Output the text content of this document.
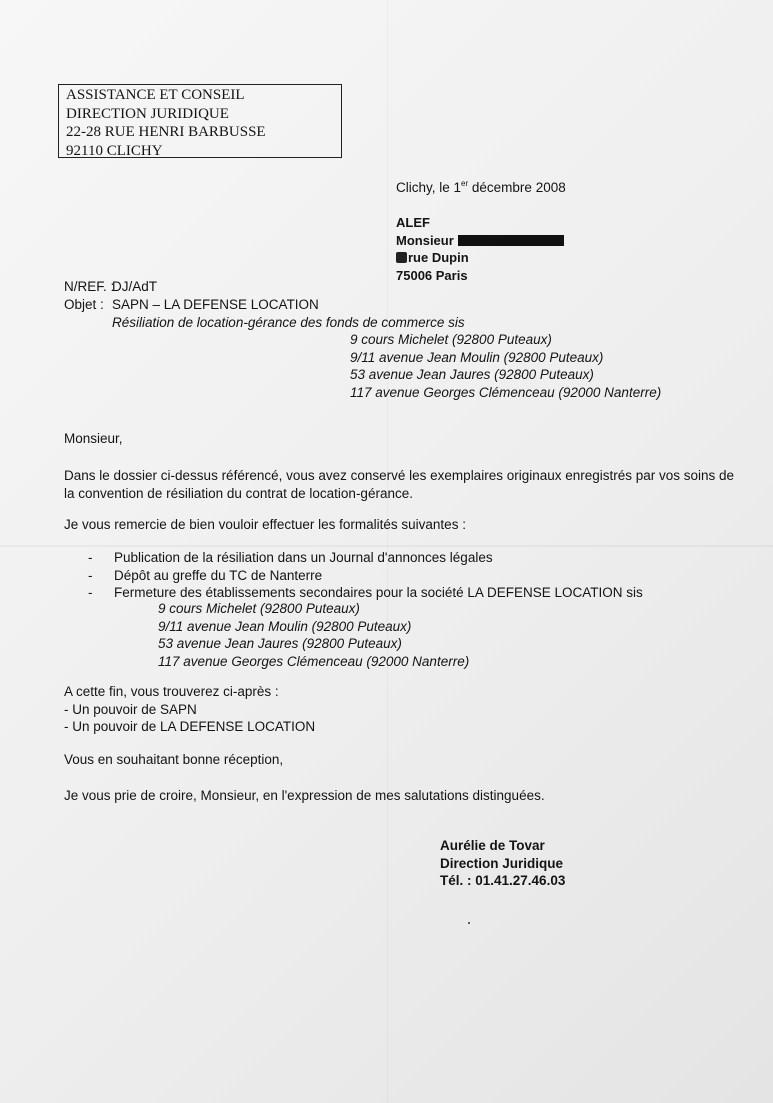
ASSISTANCE ET CONSEIL
DIRECTION JURIDIQUE
22-28 RUE HENRI BARBUSSE
92110 CLICHY
Clichy, le 1er décembre 2008
ALEF
Monsieur
rue Dupin
75006 Paris
N/REF. :DJ/AdT
Objet : SAPN – LA DEFENSE LOCATION
Résiliation de location-gérance des fonds de commerce sis
9 cours Michelet (92800 Puteaux)
9/11 avenue Jean Moulin (92800 Puteaux)
53 avenue Jean Jaures (92800 Puteaux)
117 avenue Georges Clémenceau (92000 Nanterre)
Monsieur,
Dans le dossier ci-dessus référencé, vous avez conservé les exemplaires originaux enregistrés par vos soins de
la convention de résiliation du contrat de location-gérance.
Je vous remercie de bien vouloir effectuer les formalités suivantes :
- Publication de la résiliation dans un Journal d'annonces légales
- Dépôt au greffe du TC de Nanterre
- Fermeture des établissements secondaires pour la société LA DEFENSE LOCATION sis
9 cours Michelet (92800 Puteaux)
9/11 avenue Jean Moulin (92800 Puteaux)
53 avenue Jean Jaures (92800 Puteaux)
117 avenue Georges Clémenceau (92000 Nanterre)
A cette fin, vous trouverez ci-après :
- Un pouvoir de SAPN
- Un pouvoir de LA DEFENSE LOCATION
Vous en souhaitant bonne réception,
Je vous prie de croire, Monsieur, en l'expression de mes salutations distinguées.
Aurélie de Tovar
Direction Juridique
Tél. : 01.41.27.46.03
